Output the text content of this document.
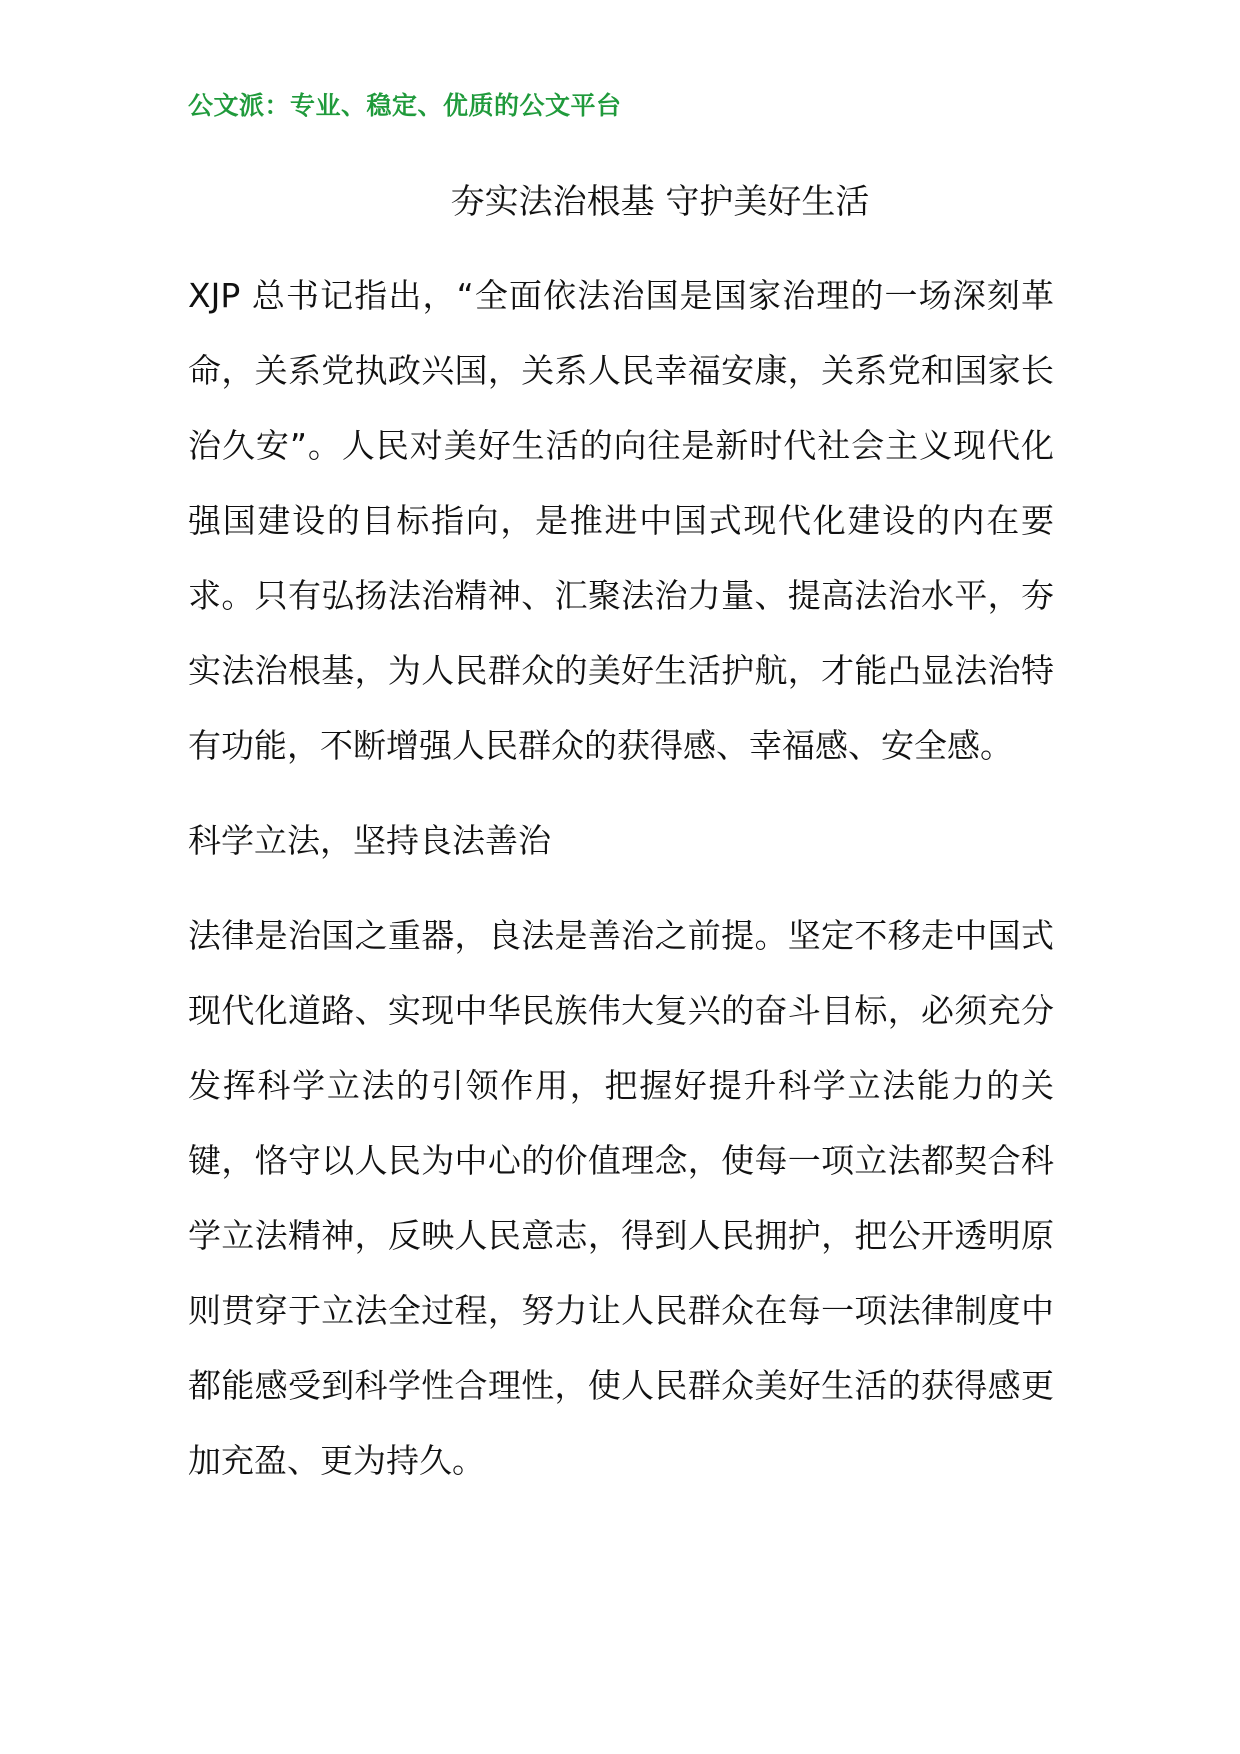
公文派：专业、稳定、优质的公文平台
夯实法治根基 守护美好生活

XJP 总书记指出，“全面依法治国是国家治理的一场深刻革命，关系党执政兴国，关系人民幸福安康，关系党和国家长治久安”。人民对美好生活的向往是新时代社会主义现代化强国建设的目标指向，是推进中国式现代化建设的内在要求。只有弘扬法治精神、汇聚法治力量、提高法治水平，夯实法治根基，为人民群众的美好生活护航，才能凸显法治特有功能，不断增强人民群众的获得感、幸福感、安全感。

科学立法，坚持良法善治

法律是治国之重器，良法是善治之前提。坚定不移走中国式现代化道路、实现中华民族伟大复兴的奋斗目标，必须充分发挥科学立法的引领作用，把握好提升科学立法能力的关键，恪守以人民为中心的价值理念，使每一项立法都契合科学立法精神，反映人民意志，得到人民拥护，把公开透明原则贯穿于立法全过程，努力让人民群众在每一项法律制度中都能感受到科学性合理性，使人民群众美好生活的获得感更加充盈、更为持久。
